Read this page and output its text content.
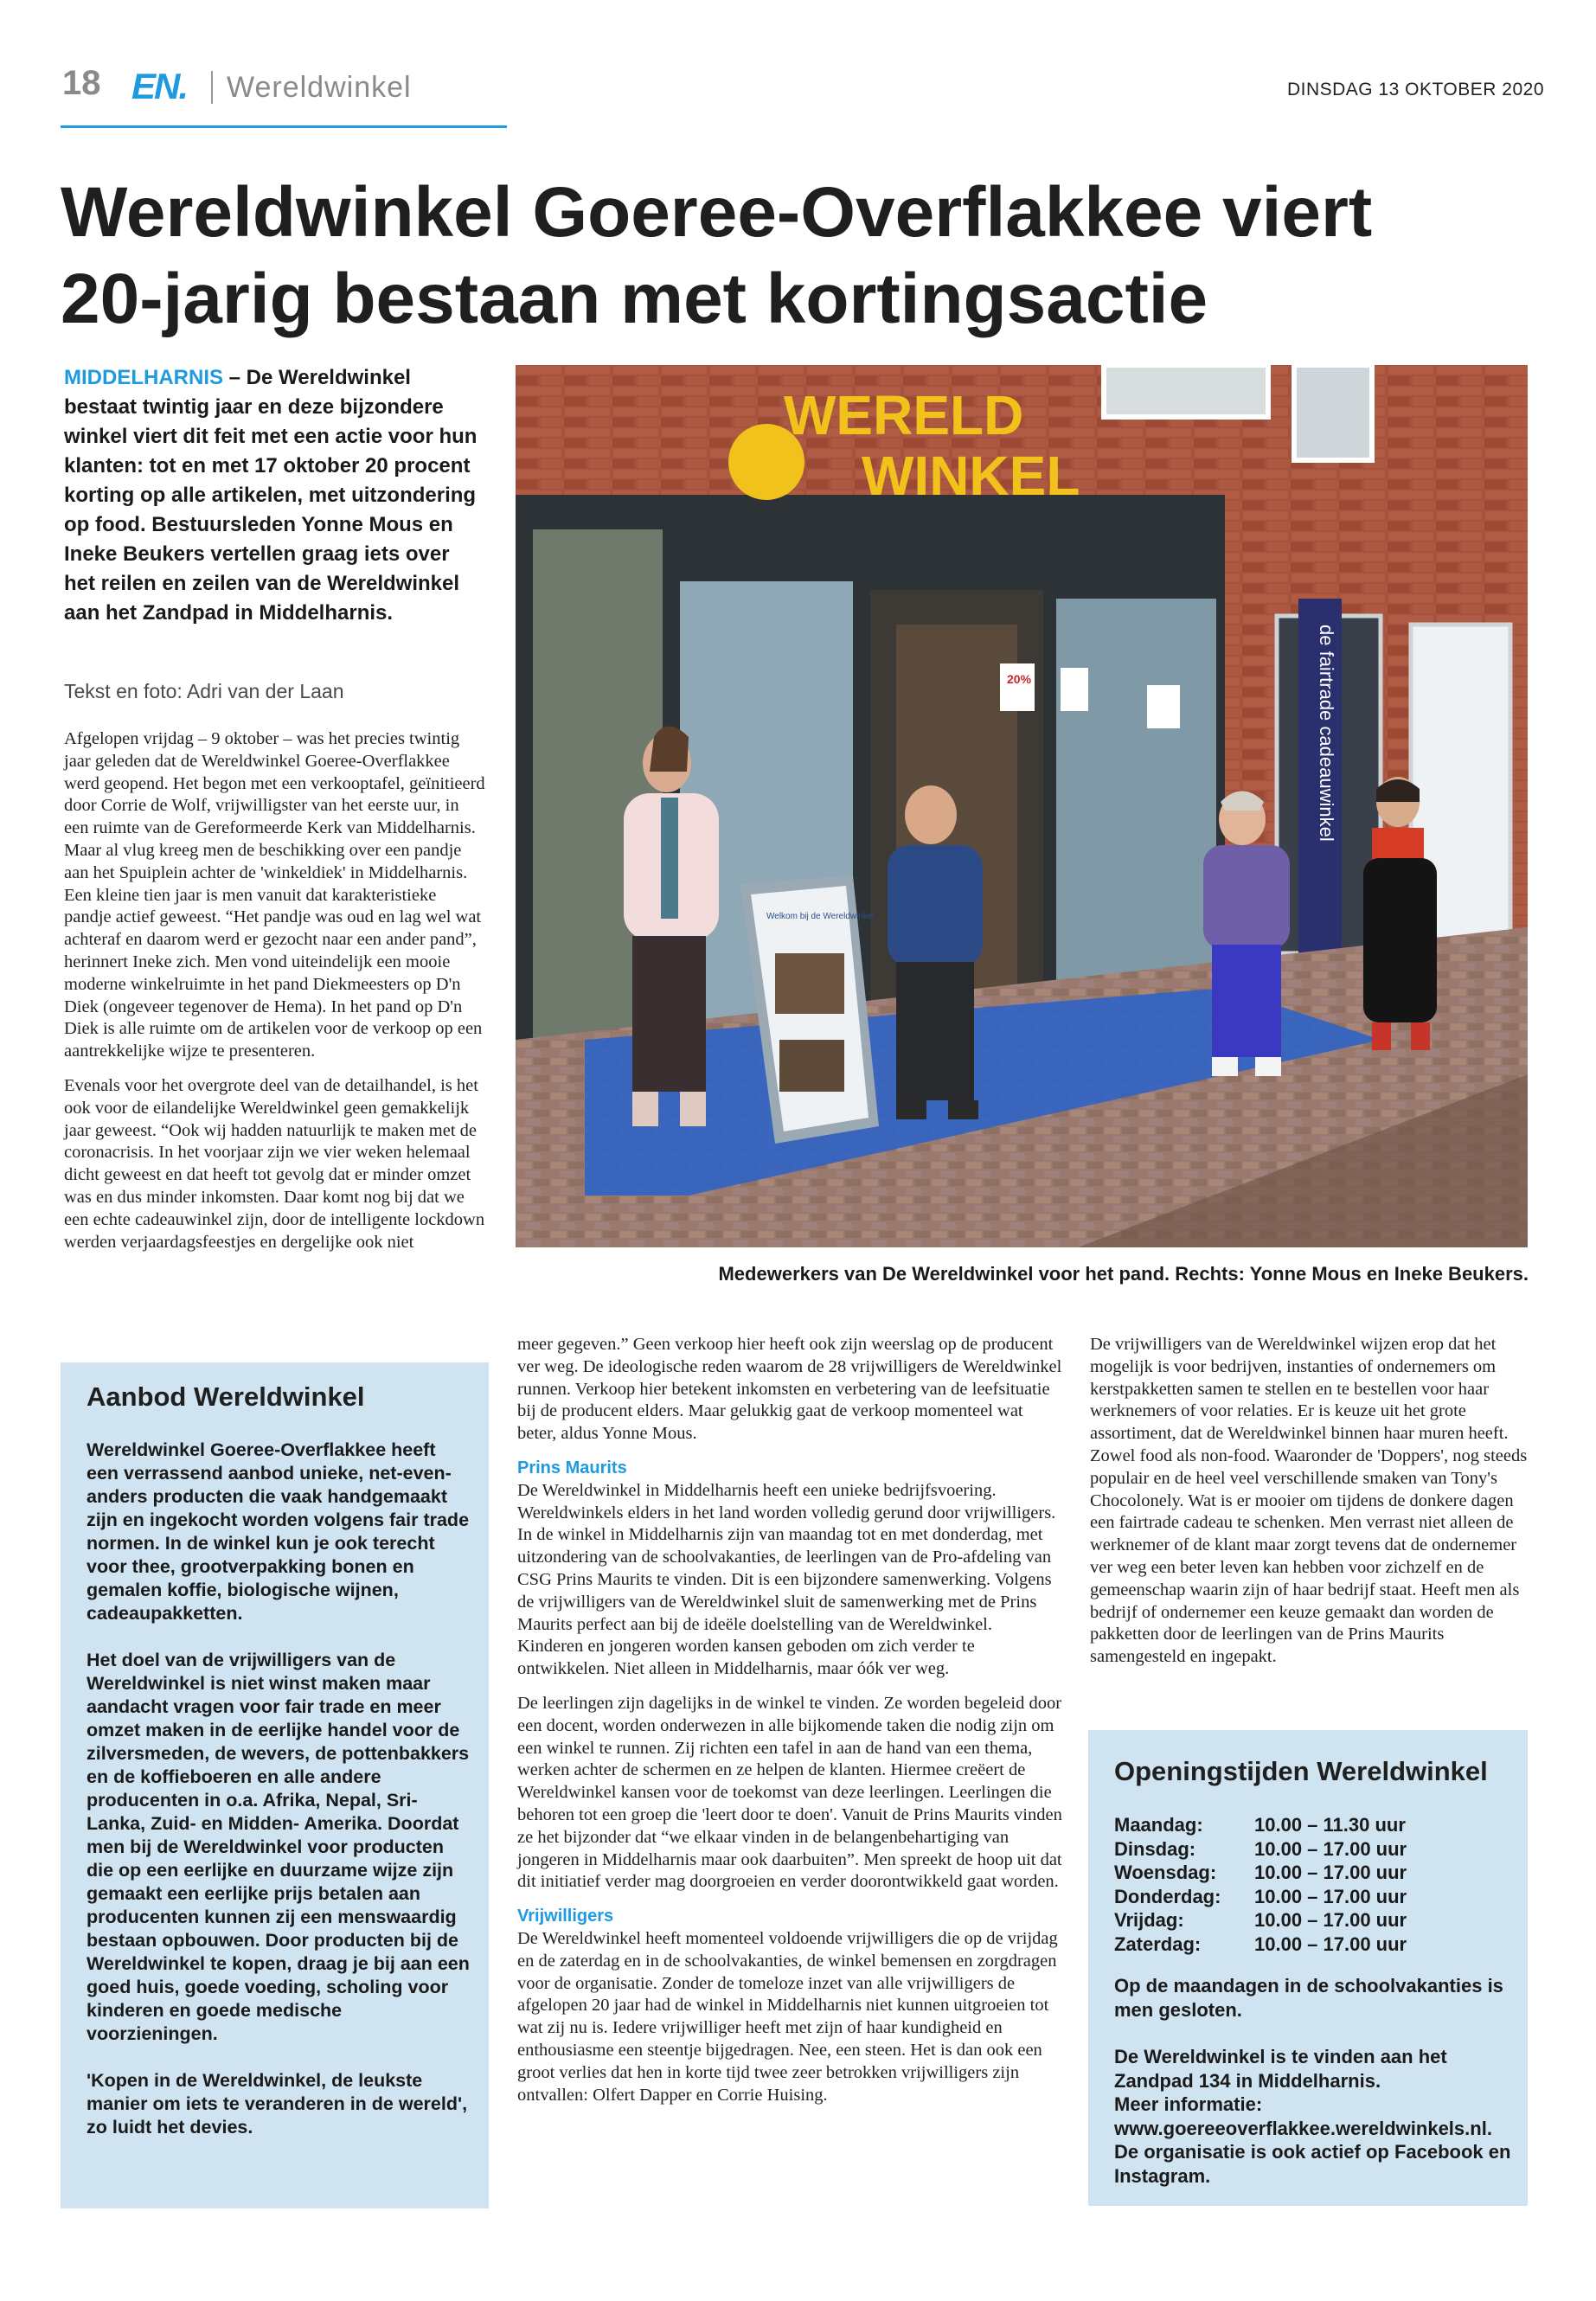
18 EN. Wereldwinkel	DINSDAG 13 OKTOBER 2020
Wereldwinkel Goeree-Overflakkee viert
20-jarig bestaan met kortingsactie
MIDDELHARNIS – De Wereldwinkel bestaat twintig jaar en deze bijzondere winkel viert dit feit met een actie voor hun klanten: tot en met 17 oktober 20 procent korting op alle artikelen, met uitzondering op food. Bestuursleden Yonne Mous en Ineke Beukers vertellen graag iets over het reilen en zeilen van de Wereldwinkel aan het Zandpad in Middelharnis.
Tekst en foto: Adri van der Laan

Afgelopen vrijdag – 9 oktober – was het precies twintig jaar geleden dat de Wereldwinkel Goeree-Overflakkee werd geopend. Het begon met een verkooptafel, geïnitieerd door Corrie de Wolf, vrijwilligster van het eerste uur, in een ruimte van de Gereformeerde Kerk van Middelharnis. Maar al vlug kreeg men de beschikking over een pandje aan het Spuiplein achter de 'winkeldiek' in Middelharnis. Een kleine tien jaar is men vanuit dat karakteristieke pandje actief geweest. “Het pandje was oud en lag wel wat achteraf en daarom werd er gezocht naar een ander pand”, herinnert Ineke zich. Men vond uiteindelijk een mooie moderne winkelruimte in het pand Diekmeesters op D'n Diek (ongeveer tegenover de Hema). In het pand op D'n Diek is alle ruimte om de artikelen voor de verkoop op een aantrekkelijke wijze te presenteren.

Evenals voor het overgrote deel van de detailhandel, is het ook voor de eilandelijke Wereldwinkel geen gemakkelijk jaar geweest. “Ook wij hadden natuurlijk te maken met de coronacrisis. In het voorjaar zijn we vier weken helemaal dicht geweest en dat heeft tot gevolg dat er minder omzet was en dus minder inkomsten. Daar komt nog bij dat we een echte cadeauwinkel zijn, door de intelligente lockdown werden verjaardagsfeestjes en dergelijke ook niet

de fairtrade cadeauwinkel
WERELD
WINKEL
20%
Welkom bij de Wereldwinkel
Medewerkers van De Wereldwinkel voor het pand. Rechts: Yonne Mous en Ineke Beukers.

meer gegeven.” Geen verkoop hier heeft ook zijn weerslag op de producent ver weg. De ideologische reden waarom de 28 vrijwilligers de Wereldwinkel runnen. Verkoop hier betekent inkomsten en verbetering van de leefsituatie bij de producent elders. Maar gelukkig gaat de verkoop momenteel wat beter, aldus Yonne Mous.

Prins Maurits

De Wereldwinkel in Middelharnis heeft een unieke bedrijfsvoering. Wereldwinkels elders in het land worden volledig gerund door vrijwilligers. In de winkel in Middelharnis zijn van maandag tot en met donderdag, met uitzondering van de schoolvakanties, de leerlingen van de Pro-afdeling van CSG Prins Maurits te vinden. Dit is een bijzondere samenwerking. Volgens de vrijwilligers van de Wereldwinkel sluit de samenwerking met de Prins Maurits perfect aan bij de ideële doelstelling van de Wereldwinkel. Kinderen en jongeren worden kansen geboden om zich verder te ontwikkelen. Niet alleen in Middelharnis, maar óók ver weg.

De leerlingen zijn dagelijks in de winkel te vinden. Ze worden begeleid door een docent, worden onderwezen in alle bijkomende taken die nodig zijn om een winkel te runnen. Zij richten een tafel in aan de hand van een thema, werken achter de schermen en ze helpen de klanten. Hiermee creëert de Wereldwinkel kansen voor de toekomst van deze leerlingen. Leerlingen die behoren tot een groep die 'leert door te doen'. Vanuit de Prins Maurits vinden ze het bijzonder dat “we elkaar vinden in de belangenbehartiging van jongeren in Middelharnis maar ook daarbuiten”. Men spreekt de hoop uit dat dit initiatief verder mag doorgroeien en verder doorontwikkeld gaat worden.

Vrijwilligers

De Wereldwinkel heeft momenteel voldoende vrijwilligers die op de vrijdag en de zaterdag en in de schoolvakanties, de winkel bemensen en zorgdragen voor de organisatie. Zonder de tomeloze inzet van alle vrijwilligers de afgelopen 20 jaar had de winkel in Middelharnis niet kunnen uitgroeien tot wat zij nu is. Iedere vrijwilliger heeft met zijn of haar kundigheid en enthousiasme een steentje bijgedragen. Nee, een steen. Het is dan ook een groot verlies dat hen in korte tijd twee zeer betrokken vrijwilligers zijn ontvallen: Olfert Dapper en Corrie Huising.

De vrijwilligers van de Wereldwinkel wijzen erop dat het mogelijk is voor bedrijven, instanties of ondernemers om kerstpakketten samen te stellen en te bestellen voor haar werknemers of voor relaties. Er is keuze uit het grote assortiment, dat de Wereldwinkel binnen haar muren heeft. Zowel food als non-food. Waaronder de 'Doppers', nog steeds populair en de heel veel verschillende smaken van Tony's Chocolonely. Wat is er mooier om tijdens de donkere dagen een fairtrade cadeau te schenken. Men verrast niet alleen de werknemer of de klant maar zorgt tevens dat de ondernemer ver weg een beter leven kan hebben voor zichzelf en de gemeenschap waarin zijn of haar bedrijf staat. Heeft men als bedrijf of ondernemer een keuze gemaakt dan worden de pakketten door de leerlingen van de Prins Maurits samengesteld en ingepakt.

Aanbod Wereldwinkel

Wereldwinkel Goeree-Overflakkee heeft een verrassend aanbod unieke, net-even-anders producten die vaak handgemaakt zijn en ingekocht worden volgens fair trade normen. In de winkel kun je ook terecht voor thee, grootverpakking bonen en gemalen koffie, biologische wijnen, cadeaupakketten.

Het doel van de vrijwilligers van de Wereldwinkel is niet winst maken maar aandacht vragen voor fair trade en meer omzet maken in de eerlijke handel voor de zilversmeden, de wevers, de pottenbakkers en de koffieboeren en alle andere producenten in o.a. Afrika, Nepal, Sri-Lanka, Zuid- en Midden- Amerika. Doordat men bij de Wereldwinkel voor producten die op een eerlijke en duurzame wijze zijn gemaakt een eerlijke prijs betalen aan producenten kunnen zij een menswaardig bestaan opbouwen. Door producten bij de Wereldwinkel te kopen, draag je bij aan een goed huis, goede voeding, scholing voor kinderen en goede medische voorzieningen.

'Kopen in de Wereldwinkel, de leukste manier om iets te veranderen in de wereld', zo luidt het devies.

Openingstijden Wereldwinkel
Maandag:	10.00 – 11.30 uur
Dinsdag:	10.00 – 17.00 uur
Woensdag:	10.00 – 17.00 uur
Donderdag:	10.00 – 17.00 uur
Vrijdag:	10.00 – 17.00 uur
Zaterdag:	10.00 – 17.00 uur

Op de maandagen in de schoolvakanties is men gesloten.

De Wereldwinkel is te vinden aan het Zandpad 134 in Middelharnis.
Meer informatie:
www.goereeoverflakkee.wereldwinkels.nl.
De organisatie is ook actief op Facebook en Instagram.
